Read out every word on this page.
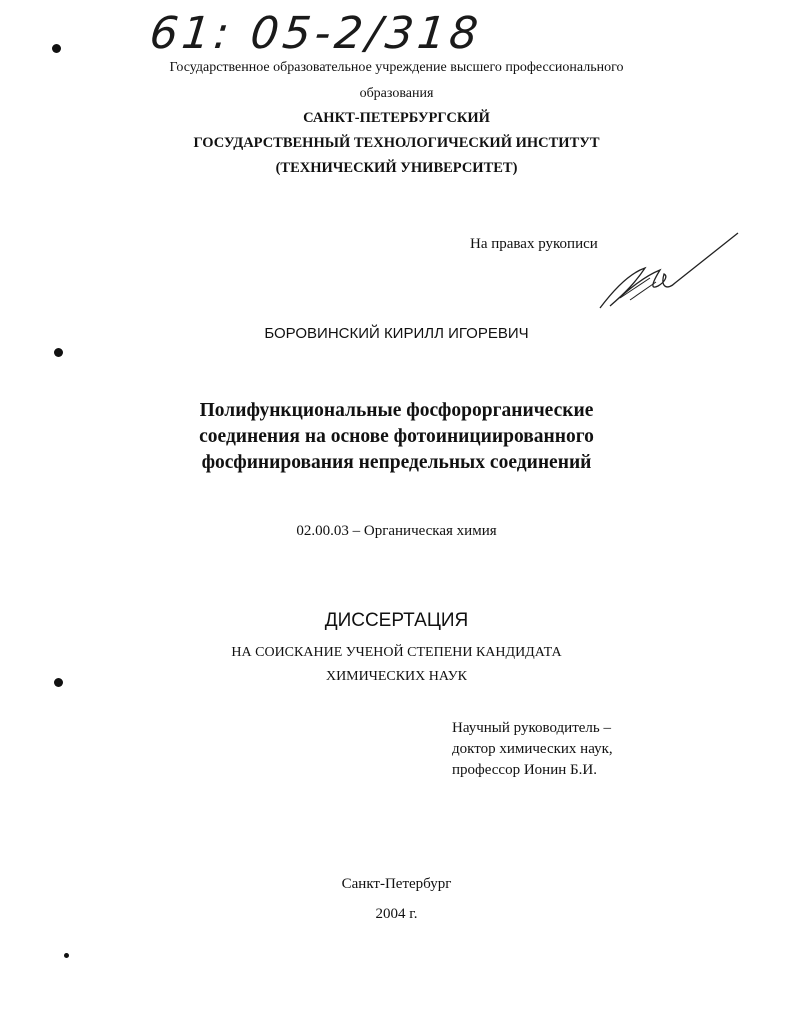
61: 05-2/318
Государственное образовательное учреждение высшего профессионального
образования
САНКТ-ПЕТЕРБУРГСКИЙ
ГОСУДАРСТВЕННЫЙ ТЕХНОЛОГИЧЕСКИЙ ИНСТИТУТ
(ТЕХНИЧЕСКИЙ УНИВЕРСИТЕТ)
На правах рукописи
БОРОВИНСКИЙ КИРИЛЛ ИГОРЕВИЧ
Полифункциональные фосфорорганические
соединения на основе фотоинициированного
фосфинирования непредельных соединений
02.00.03 – Органическая химия
ДИССЕРТАЦИЯ
НА СОИСКАНИЕ УЧЕНОЙ СТЕПЕНИ КАНДИДАТА
ХИМИЧЕСКИХ НАУК
Научный руководитель –
доктор химических наук,
профессор Ионин Б.И.
Санкт-Петербург
2004 г.
